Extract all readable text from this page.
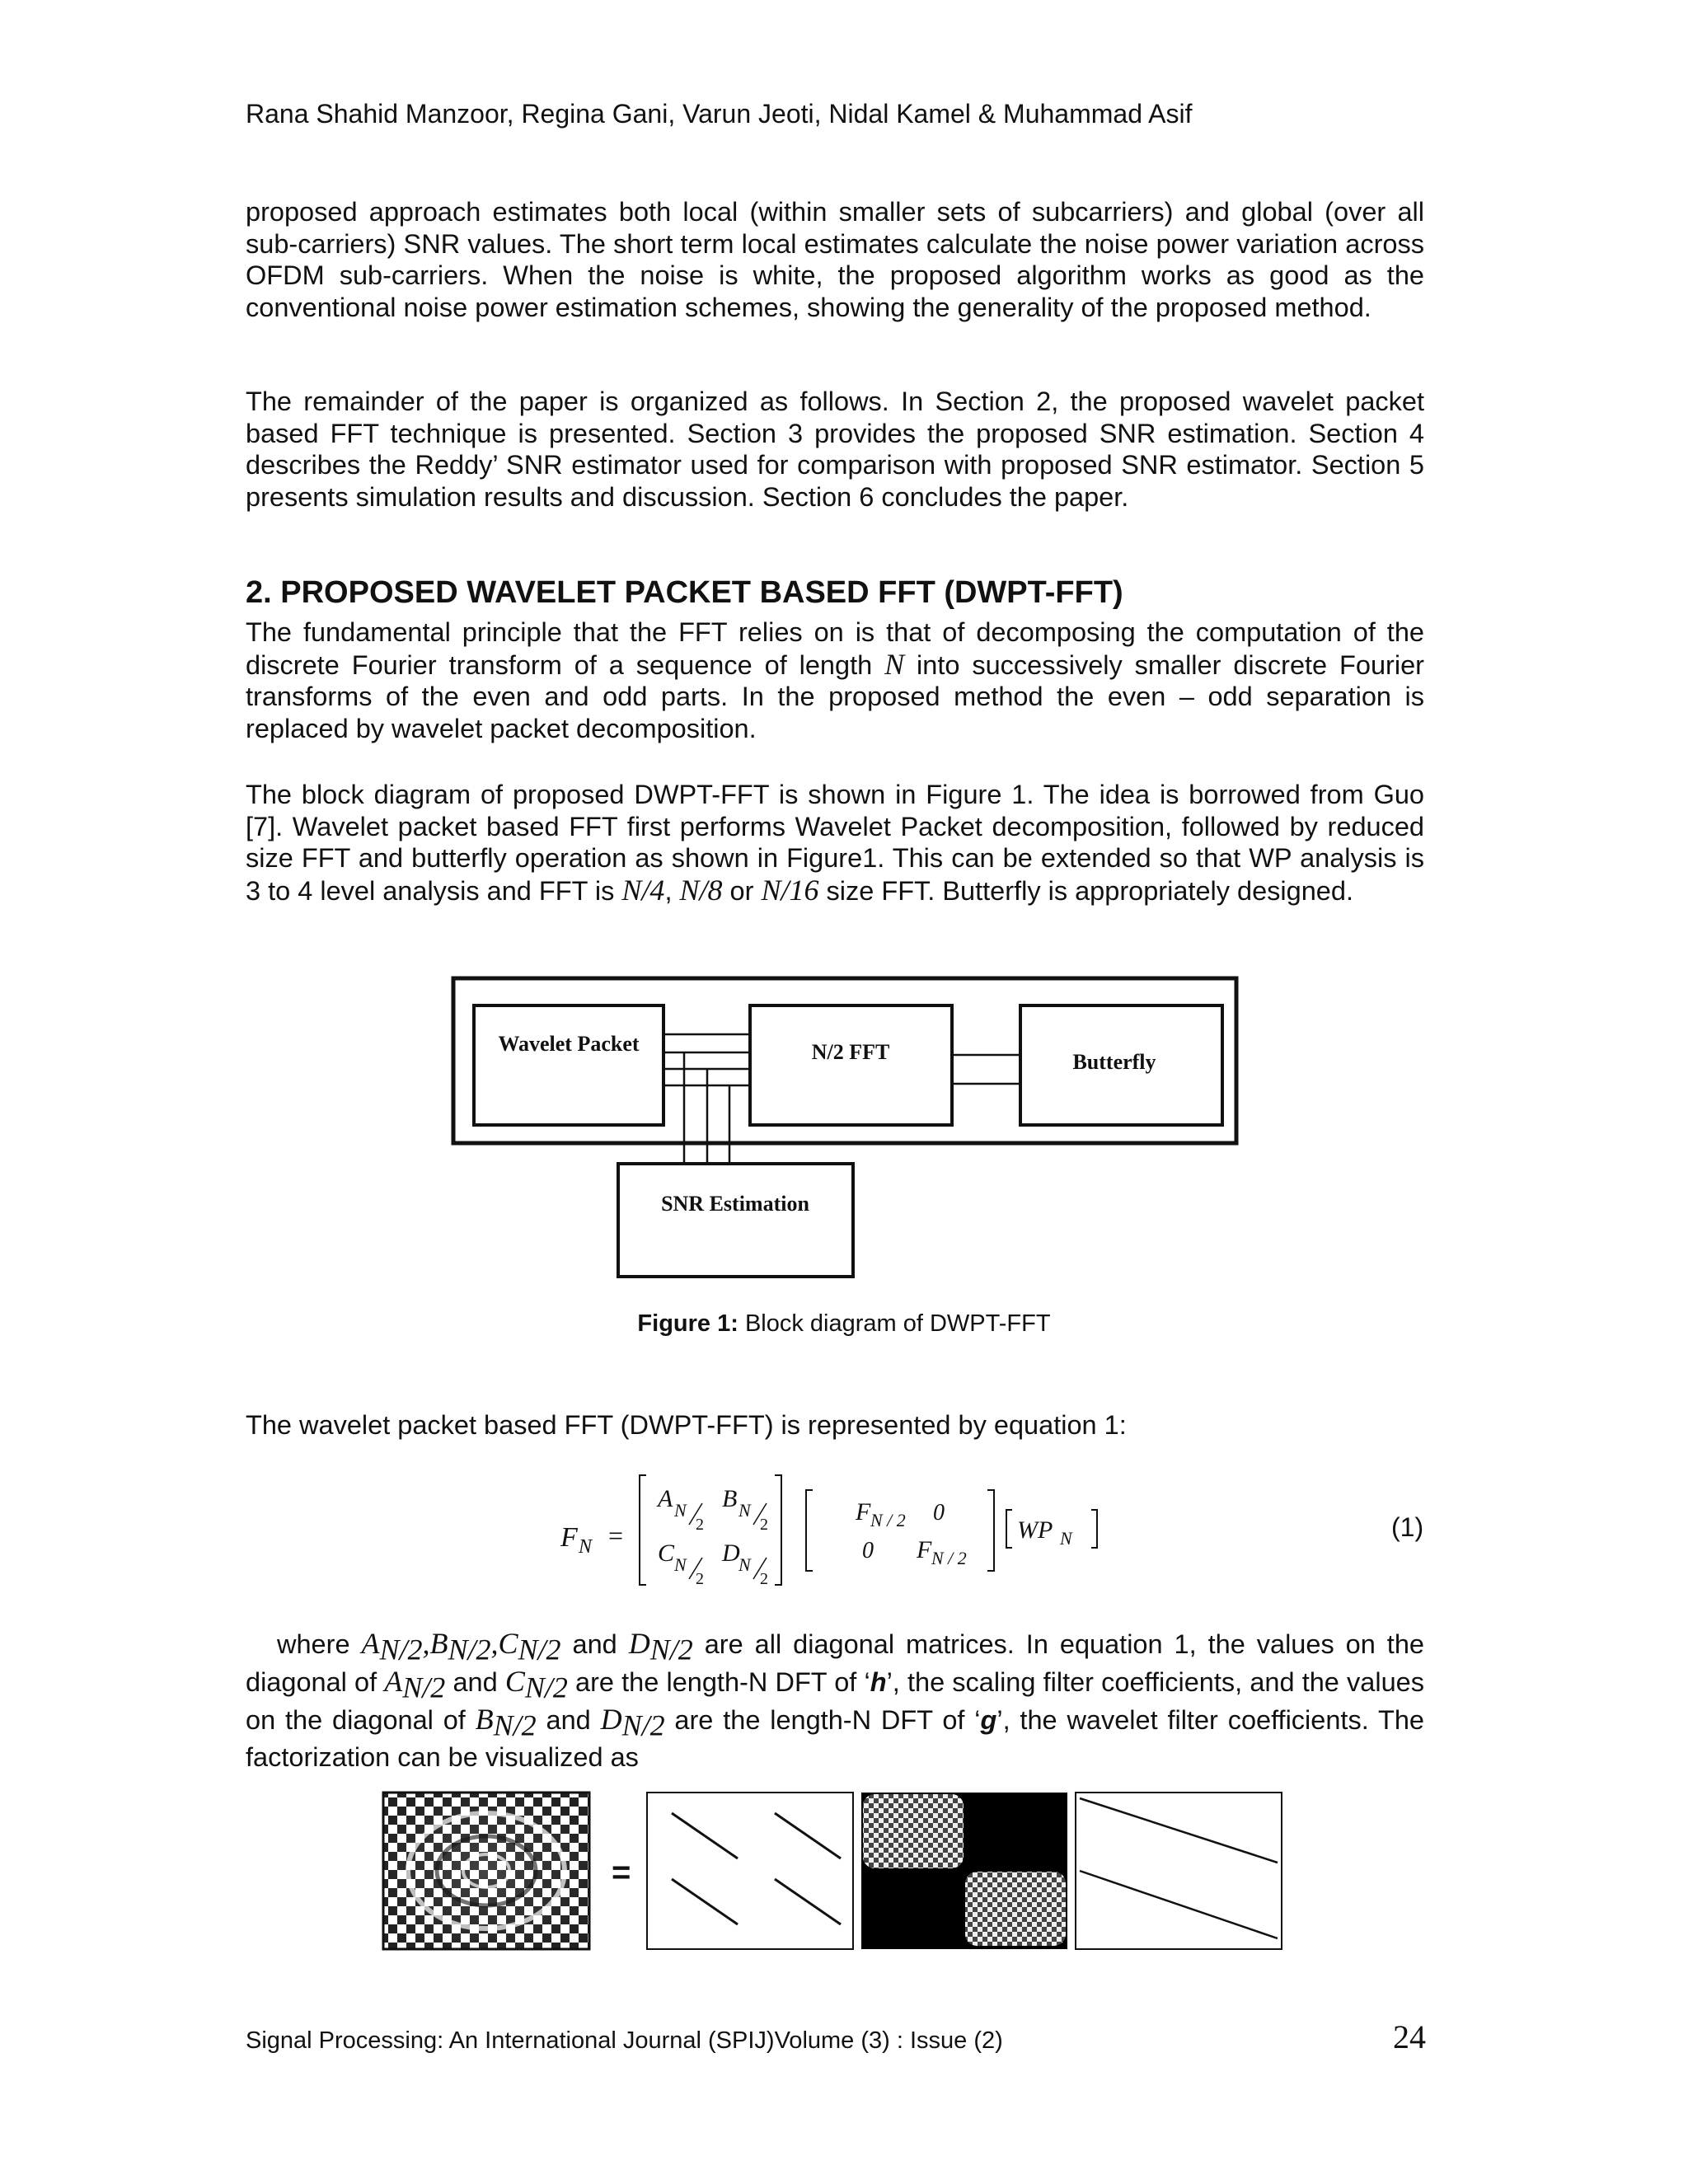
Rana Shahid Manzoor, Regina Gani, Varun Jeoti, Nidal Kamel & Muhammad Asif

proposed approach estimates both local (within smaller sets of subcarriers) and global (over all sub-carriers) SNR values. The short term local estimates calculate the noise power variation across OFDM sub-carriers. When the noise is white, the proposed algorithm works as good as the conventional noise power estimation schemes, showing the generality of the proposed method.

The remainder of the paper is organized as follows. In Section 2, the proposed wavelet packet based FFT technique is presented. Section 3 provides the proposed SNR estimation. Section 4 describes the Reddy’ SNR estimator used for comparison with proposed SNR estimator. Section 5 presents simulation results and discussion. Section 6 concludes the paper.

2. PROPOSED WAVELET PACKET BASED FFT (DWPT-FFT)

The fundamental principle that the FFT relies on is that of decomposing the computation of the discrete Fourier transform of a sequence of length N into successively smaller discrete Fourier transforms of the even and odd parts. In the proposed method the even – odd separation is replaced by wavelet packet decomposition.

The block diagram of proposed DWPT-FFT is shown in Figure 1. The idea is borrowed from Guo [7]. Wavelet packet based FFT first performs Wavelet Packet decomposition, followed by reduced size FFT and butterfly operation as shown in Figure1. This can be extended so that WP analysis is 3 to 4 level analysis and FFT is N/4, N/8 or N/16 size FFT. Butterfly is appropriately designed.

Wavelet Packet	N/2 FFT	Butterfly
SNR Estimation
Figure 1: Block diagram of DWPT-FFT

The wavelet packet based FFT (DWPT-FFT) is represented by equation 1:

F N =
A N
2
B N
2
C N
2
D
N
2
F N / 2 0
0 F N / 2
WP N	(1)

where $A_{N/2},B_{N/2},C_{N/2}$ and $D_{N/2}$ are all diagonal matrices. In equation 1, the values on the diagonal of $A_{N/2}$ and $C_{N/2}$ are the length-N DFT of ‘h’, the scaling filter coefficients, and the values on the diagonal of $B_{N/2}$ and $D_{N/2}$ are the length-N DFT of ‘g’, the wavelet filter coefficients. The factorization can be visualized as

=
Signal Processing: An International Journal (SPIJ)Volume (3) : Issue (2)	24
